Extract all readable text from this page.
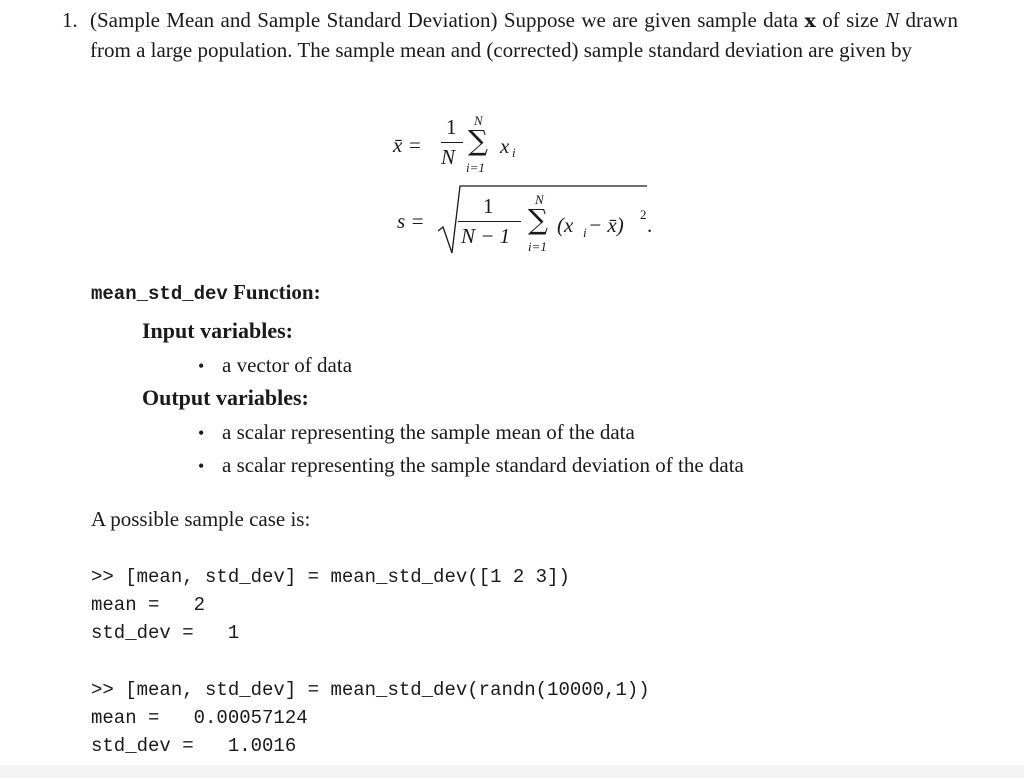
1. (Sample Mean and Sample Standard Deviation) Suppose we are given sample data x of size N drawn from a large population. The sample mean and (corrected) sample standard deviation are given by
x̄ =
1
N
N
∑
i=1
x i
s =
1
N − 1
N
∑
i=1
(x i − x̄) 2 .
mean_std_dev Function:
Input variables:
• a vector of data
Output variables:
• a scalar representing the sample mean of the data
• a scalar representing the sample standard deviation of the data
A possible sample case is:
>> [mean, std_dev] = mean_std_dev([1 2 3])
mean =   2
std_dev =   1
>> [mean, std_dev] = mean_std_dev(randn(10000,1))
mean =   0.00057124
std_dev =   1.0016
